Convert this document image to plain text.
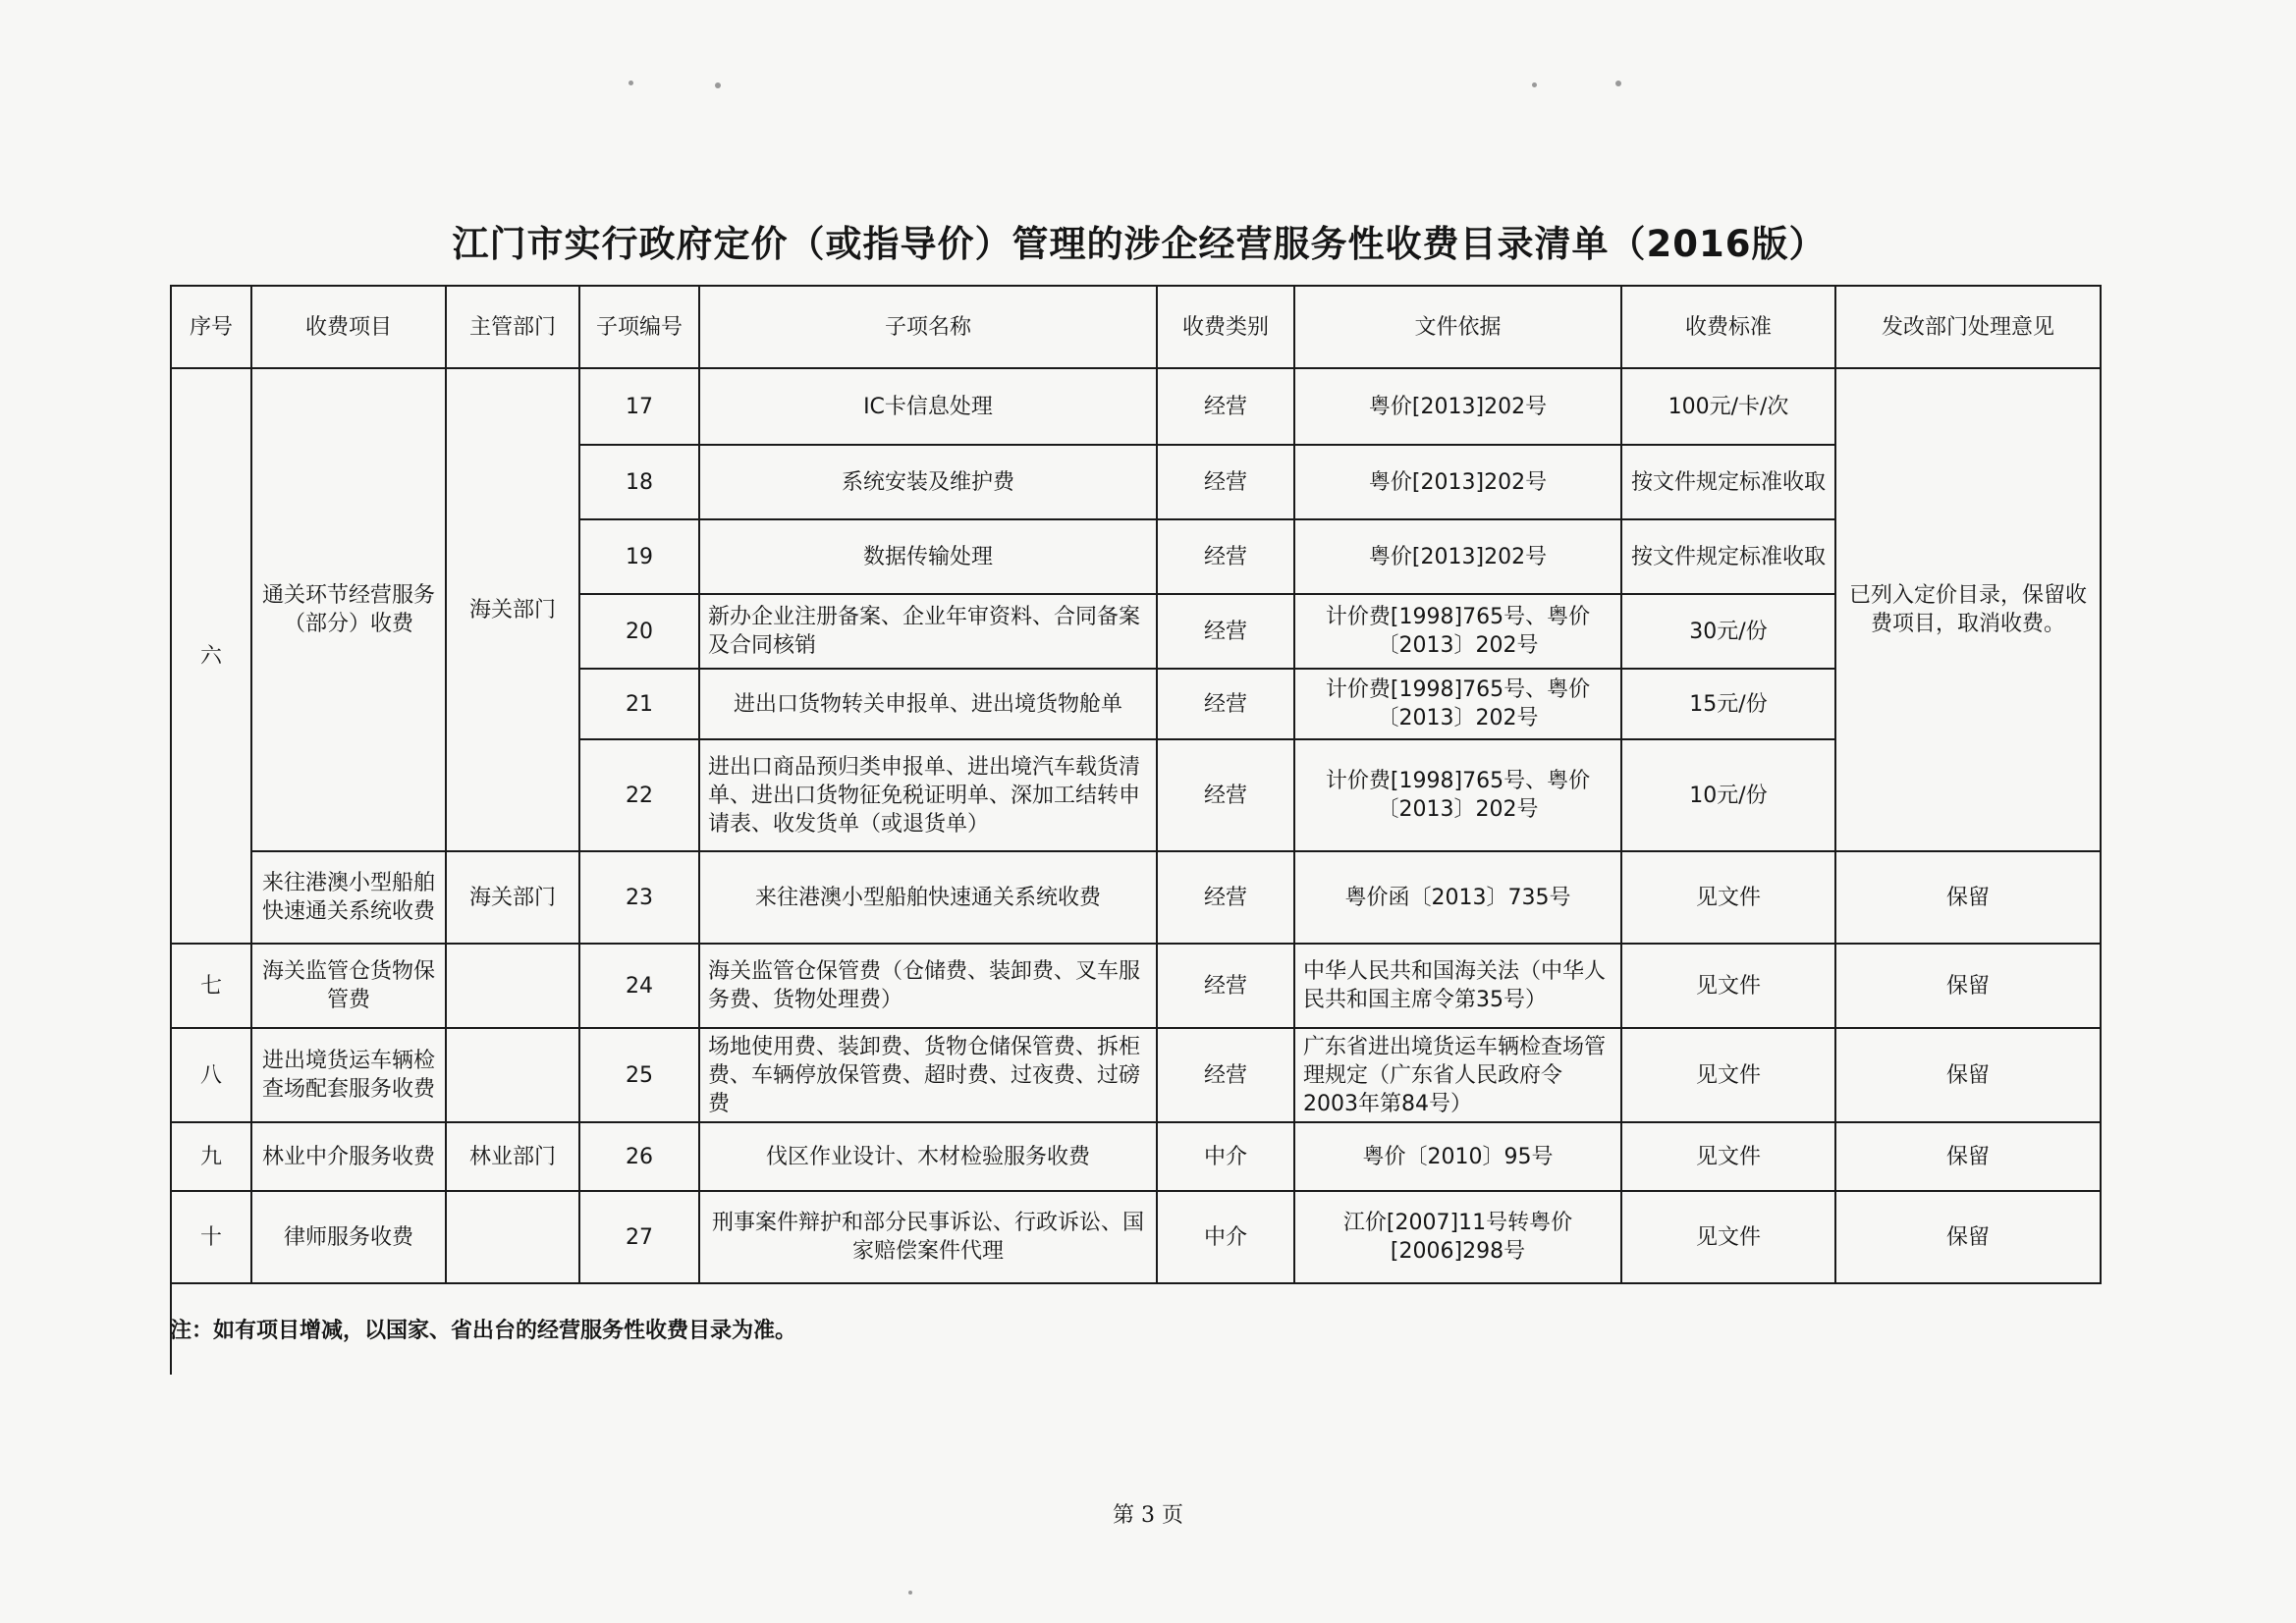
江门市实行政府定价（或指导价）管理的涉企经营服务性收费目录清单（2016版）
序号	收费项目	主管部门	子项编号	子项名称	收费类别	文件依据	收费标准	发改部门处理意见
六	通关环节经营服务（部分）收费	海关部门	17	IC卡信息处理	经营	粤价[2013]202号	100元/卡/次	已列入定价目录，保留收费项目，取消收费。
			18	系统安装及维护费	经营	粤价[2013]202号	按文件规定标准收取	
			19	数据传输处理	经营	粤价[2013]202号	按文件规定标准收取	
			20	新办企业注册备案、企业年审资料、合同备案及合同核销	经营	计价费[1998]765号、粤价〔2013〕202号	30元/份	
			21	进出口货物转关申报单、进出境货物舱单	经营	计价费[1998]765号、粤价〔2013〕202号	15元/份	
			22	进出口商品预归类申报单、进出境汽车载货清单、进出口货物征免税证明单、深加工结转申请表、收发货单（或退货单）	经营	计价费[1998]765号、粤价〔2013〕202号	10元/份	
	来往港澳小型船舶快速通关系统收费	海关部门	23	来往港澳小型船舶快速通关系统收费	经营	粤价函〔2013〕735号	见文件	保留
七	海关监管仓货物保管费		24	海关监管仓保管费（仓储费、装卸费、叉车服务费、货物处理费）	经营	中华人民共和国海关法（中华人民共和国主席令第35号）	见文件	保留
八	进出境货运车辆检查场配套服务收费		25	场地使用费、装卸费、货物仓储保管费、拆柜费、车辆停放保管费、超时费、过夜费、过磅费	经营	广东省进出境货运车辆检查场管理规定（广东省人民政府令2003年第84号）	见文件	保留
九	林业中介服务收费	林业部门	26	伐区作业设计、木材检验服务收费	中介	粤价〔2010〕95号	见文件	保留
十	律师服务收费		27	刑事案件辩护和部分民事诉讼、行政诉讼、国家赔偿案件代理	中介	江价[2007]11号转粤价[2006]298号	见文件	保留
注：如有项目增减，以国家、省出台的经营服务性收费目录为准。
第 3 页
